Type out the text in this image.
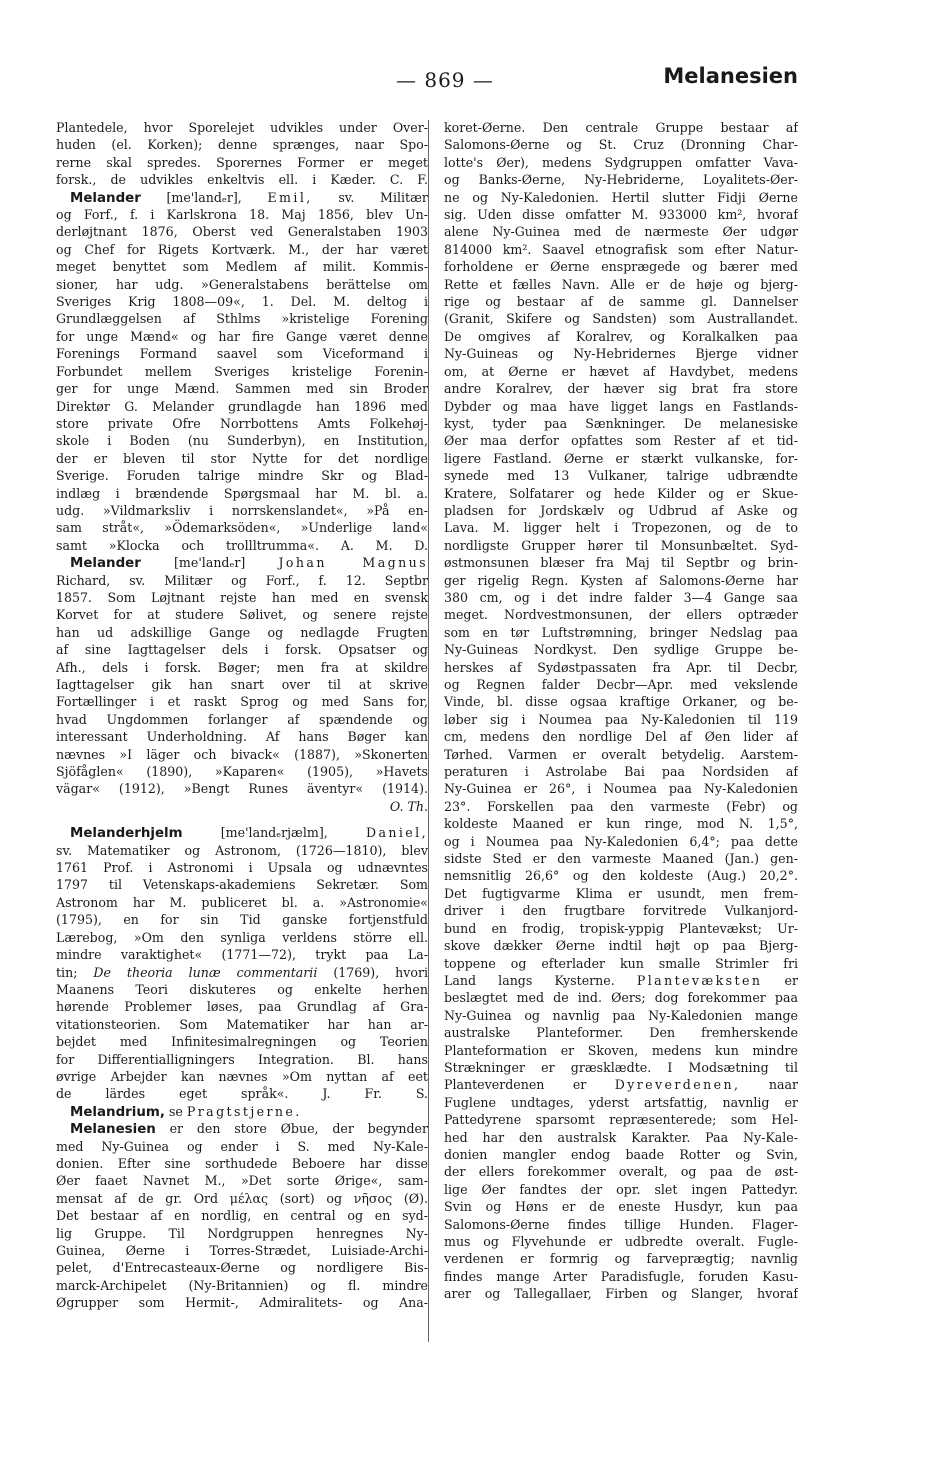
— 869 —	Melanesien
Plantedele, hvor Sporelejet udvikles under Over-
huden (el. Korken); denne sprænges, naar Spo-
rerne skal spredes. Sporernes Former er meget
forsk., de udvikles enkeltvis ell. i Kæder. C. F.
Melander [me'landₑr], Emil, sv. Militær
og Forf., f. i Karlskrona 18. Maj 1856, blev Un-
derløjtnant 1876, Oberst ved Generalstaben 1903
og Chef for Rigets Kortværk. M., der har været
meget benyttet som Medlem af milit. Kommis-
sioner, har udg. »Generalstabens berättelse om
Sveriges Krig 1808—09«, 1. Del. M. deltog i
Grundlæggelsen af Sthlms »kristelige Forening
for unge Mænd« og har fire Gange været denne
Forenings Formand saavel som Viceformand i
Forbundet mellem Sveriges kristelige Forenin-
ger for unge Mænd. Sammen med sin Broder
Direktør G. Melander grundlagde han 1896 med
store private Ofre Norrbottens Amts Folkehøj-
skole i Boden (nu Sunderbyn), en Institution,
der er bleven til stor Nytte for det nordlige
Sverige. Foruden talrige mindre Skr og Blad-
indlæg i brændende Spørgsmaal har M. bl. a.
udg. »Vildmarksliv i norrskenslandet«, »På en-
sam stråt«, »Ödemarksöden«, »Underlige land«
samt »Klocka och trollltrumma«. A. M. D.
Melander	[me'landₑr]	Johan Magnus
Richard, sv. Militær og Forf., f. 12. Septbr
1857. Som Løjtnant rejste han med en svensk
Korvet for at studere Sølivet, og senere rejste
han ud adskillige Gange og nedlagde Frugten
af sine Iagttagelser dels i forsk. Opsatser og
Afh., dels i forsk. Bøger; men fra at skildre
Iagttagelser gik han snart over til at skrive
Fortællinger i et raskt Sprog og med Sans for,
hvad Ungdommen forlanger af spændende og
interessant Underholdning. Af hans Bøger kan
nævnes »I läger och bivack« (1887), »Skonerten
Sjöfåglen« (1890), »Kaparen« (1905), »Havets
vägar« (1912), »Bengt Runes äventyr« (1914).
O. Th.
Melanderhjelm	[me'landₑrjælm],	Daniel,
sv. Matematiker og Astronom, (1726—1810), blev
1761 Prof. i Astronomi i Upsala og udnævntes
1797 til Vetenskaps-akademiens Sekretær. Som
Astronom har M. publiceret bl. a. »Astronomie«
(1795), en for sin Tid ganske fortjenstfuld
Lærebog, »Om den synliga verldens större ell.
mindre varaktighet« (1771—72), trykt paa La-
tin; De theoria lunæ commentarii (1769), hvori
Maanens Teori diskuteres og enkelte herhen
hørende Problemer løses, paa Grundlag af Gra-
vitationsteorien. Som Matematiker har han ar-
bejdet med Infinitesimalregningen og Teorien
for Differentialligningers Integration. Bl. hans
øvrige Arbejder kan nævnes »Om nyttan af eet
de lärdes eget språk«. J. Fr. S.
Melandrium, se Pragtstjerne.
Melanesien er den store Øbue, der begynder
med Ny-Guinea og ender i S. med Ny-Kale-
donien. Efter sine sorthudede Beboere har disse
Øer faaet Navnet M., »Det sorte Ørige«, sam-
mensat af de gr. Ord μέλας (sort) og νῆσος (Ø).
Det bestaar af en nordlig, en central og en syd-
lig Gruppe. Til Nordgruppen henregnes Ny-
Guinea, Øerne i Torres-Strædet, Luisiade-Archi-
pelet, d'Entrecasteaux-Øerne og nordligere Bis-
marck-Archipelet (Ny-Britannien) og fl. mindre
Øgrupper som Hermit-, Admiralitets- og Ana-
koret-Øerne. Den centrale Gruppe bestaar af
Salomons-Øerne og St. Cruz (Dronning Char-
lotte's Øer), medens Sydgruppen omfatter Vava-
og Banks-Øerne, Ny-Hebriderne, Loyalitets-Øer-
ne og Ny-Kaledonien. Hertil slutter Fidji Øerne
sig. Uden disse omfatter M. 933000 km², hvoraf
alene Ny-Guinea med de nærmeste Øer udgør
814000 km². Saavel etnografisk som efter Natur-
forholdene er Øerne ensprægede og bærer med
Rette et fælles Navn. Alle er de høje og bjerg-
rige og bestaar af de samme gl. Dannelser
(Granit, Skifere og Sandsten) som Australlandet.
De omgives af Koralrev, og Koralkalken paa
Ny-Guineas og Ny-Hebridernes Bjerge vidner
om, at Øerne er hævet af Havdybet, medens
andre Koralrev, der hæver sig brat fra store
Dybder og maa have ligget langs en Fastlands-
kyst, tyder paa Sænkninger. De melanesiske
Øer maa derfor opfattes som Rester af et tid-
ligere Fastland. Øerne er stærkt vulkanske, for-
synede med 13 Vulkaner, talrige udbrændte
Kratere, Solfatarer og hede Kilder og er Skue-
pladsen for Jordskælv og Udbrud af Aske og
Lava. M. ligger helt i Tropezonen, og de to
nordligste Grupper hører til Monsunbæltet. Syd-
østmonsunen blæser fra Maj til Septbr og brin-
ger rigelig Regn. Kysten af Salomons-Øerne har
380 cm, og i det indre falder 3—4 Gange saa
meget. Nordvestmonsunen, der ellers optræder
som en tør Luftstrømning, bringer Nedslag paa
Ny-Guineas Nordkyst. Den sydlige Gruppe be-
herskes af Sydøstpassaten fra Apr. til Decbr,
og Regnen falder Decbr—Apr. med vekslende
Vinde, bl. disse ogsaa kraftige Orkaner, og be-
løber sig i Noumea paa Ny-Kaledonien til 119
cm, medens den nordlige Del af Øen lider af
Tørhed. Varmen er overalt betydelig. Aarstem-
peraturen i Astrolabe Bai paa Nordsiden af
Ny-Guinea er 26°, i Noumea paa Ny-Kaledonien
23°. Forskellen paa den varmeste (Febr) og
koldeste Maaned er kun ringe, mod N. 1,5°,
og i Noumea paa Ny-Kaledonien 6,4°; paa dette
sidste Sted er den varmeste Maaned (Jan.) gen-
nemsnitlig 26,6° og den koldeste (Aug.) 20,2°.
Det fugtigvarme Klima er usundt, men frem-
driver i den frugtbare forvitrede Vulkanjord-
bund en frodig, tropisk-yppig Plantevækst; Ur-
skove dækker Øerne indtil højt op paa Bjerg-
toppene og efterlader kun smalle Strimler fri
Land langs Kysterne. Plantevæksten er
beslægtet med de ind. Øers; dog forekommer paa
Ny-Guinea og navnlig paa Ny-Kaledonien mange
australske Planteformer. Den fremherskende
Planteformation er Skoven, medens kun mindre
Strækninger er græsklædte. I Modsætning til
Planteverdenen er Dyreverdenen, naar
Fuglene undtages, yderst artsfattig, navnlig er
Pattedyrene sparsomt repræsenterede; som Hel-
hed har den australsk Karakter. Paa Ny-Kale-
donien mangler endog baade Rotter og Svin,
der ellers forekommer overalt, og paa de øst-
lige Øer fandtes der opr. slet ingen Pattedyr.
Svin og Høns er de eneste Husdyr, kun paa
Salomons-Øerne findes tillige Hunden. Flager-
mus og Flyvehunde er udbredte overalt. Fugle-
verdenen er formrig og farveprægtig; navnlig
findes mange Arter Paradisfugle, foruden Kasu-
arer og Tallegallaer, Firben og Slanger, hvoraf
